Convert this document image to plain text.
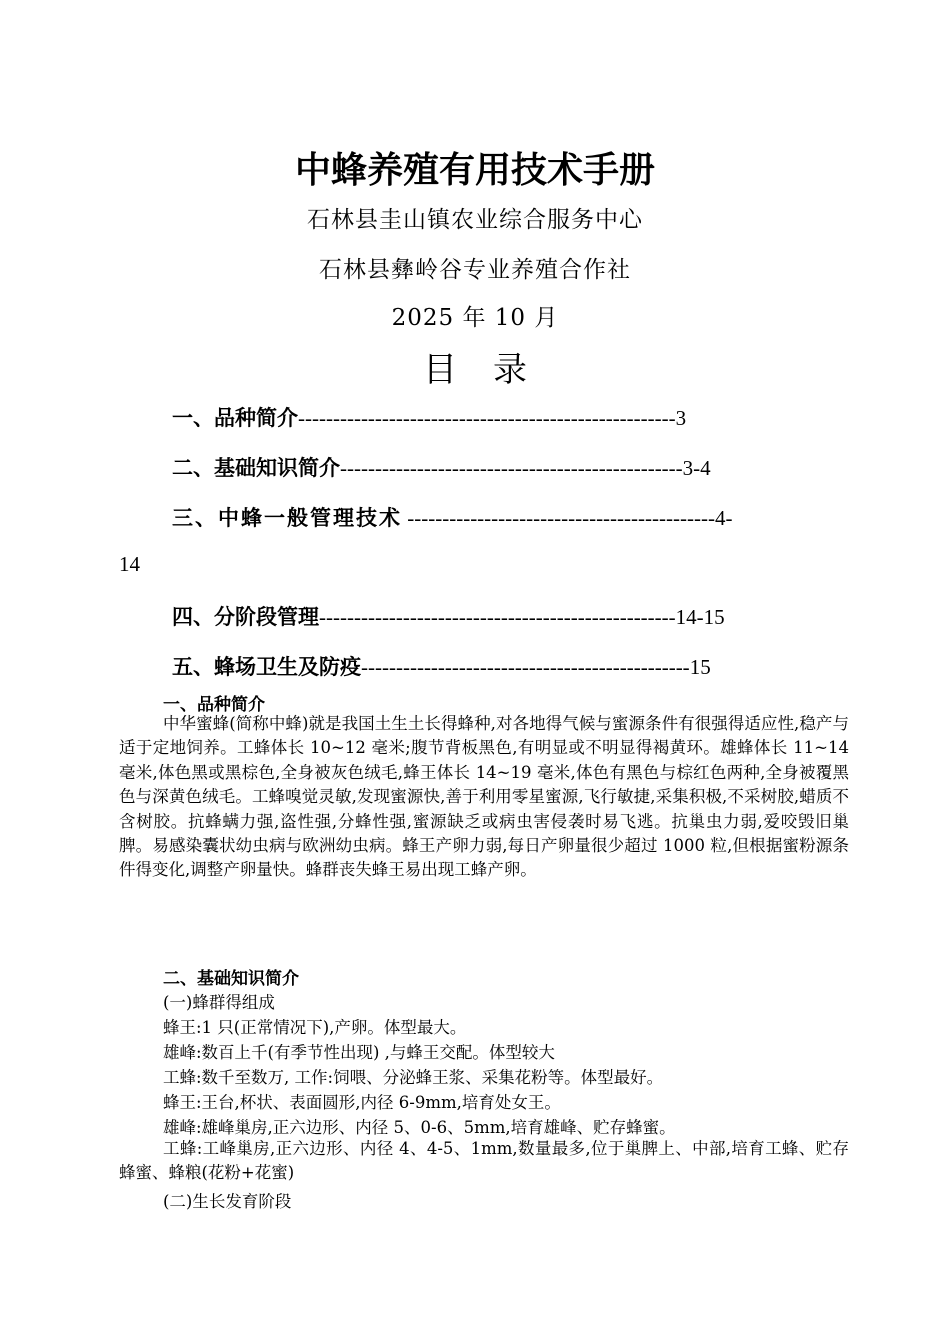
中蜂养殖有用技术手册
石林县圭山镇农业综合服务中心
石林县彝岭谷专业养殖合作社
2025 年 10 月
目录
一、品种简介------------------------------------------------------3
二、基础知识简介-------------------------------------------------3-4
三、中蜂一般管理技术 --------------------------------------------4-
14
四、分阶段管理---------------------------------------------------14-15
五、蜂场卫生及防疫-----------------------------------------------15
一、品种简介

中华蜜蜂(简称中蜂)就是我国土生土长得蜂种,对各地得气候与蜜源条件有很强得适应性,稳产与适于定地饲养。工蜂体长 10~12 毫米;腹节背板黑色,有明显或不明显得褐黄环。雄蜂体长 11~14 毫米,体色黑或黑棕色,全身被灰色绒毛,蜂王体长 14~19 毫米,体色有黑色与棕红色两种,全身被覆黑色与深黄色绒毛。工蜂嗅觉灵敏,发现蜜源快,善于利用零星蜜源,飞行敏捷,采集积极,不采树胶,蜡质不含树胶。抗蜂螨力强,盗性强,分蜂性强,蜜源缺乏或病虫害侵袭时易飞逃。抗巢虫力弱,爱咬毁旧巢脾。易感染囊状幼虫病与欧洲幼虫病。蜂王产卵力弱,每日产卵量很少超过 1000 粒,但根据蜜粉源条件得变化,调整产卵量快。蜂群丧失蜂王易出现工蜂产卵。

二、基础知识简介
(一)蜂群得组成
蜂王:1 只(正常情况下),产卵。体型最大。
雄峰:数百上千(有季节性出现) ,与蜂王交配。体型较大
工蜂:数千至数万, 工作:饲喂、分泌蜂王浆、采集花粉等。体型最好。
蜂王:王台,杯状、表面圆形,内径 6-9mm,培育处女王。
雄峰:雄峰巢房,正六边形、内径 5、0-6、5mm,培育雄峰、贮存蜂蜜。

工蜂:工峰巢房,正六边形、内径 4、4-5、1mm,数量最多,位于巢脾上、中部,培育工蜂、贮存蜂蜜、蜂粮(花粉+花蜜)

(二)生长发育阶段
